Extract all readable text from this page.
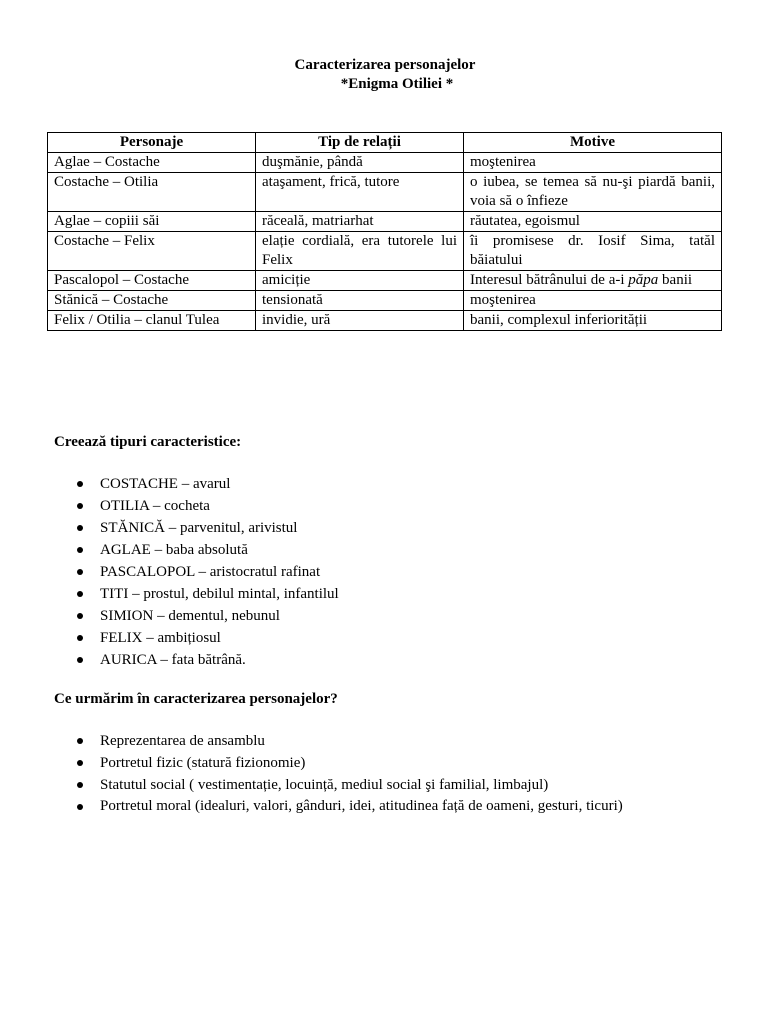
Caracterizarea personajelor
*Enigma Otiliei *
Personaje	Tip de relații	Motive
Aglae – Costache	duşmănie, pândă	moştenirea
Costache – Otilia	ataşament, frică, tutore	o iubea, se temea să nu-şi piardă banii, voia să o înfieze
Aglae – copiii săi	răceală, matriarhat	răutatea, egoismul
Costache – Felix	elație cordială, era tutorele lui Felix	îi promisese dr. Iosif Sima, tatăl băiatului
Pascalopol – Costache	amiciție	Interesul bătrânului de a-i păpa banii
Stănică – Costache	tensionată	moştenirea
Felix / Otilia – clanul Tulea	invidie, ură	banii, complexul inferiorității
Creează tipuri caracteristice:
COSTACHE – avarul
OTILIA – cocheta
STĂNICĂ – parvenitul, arivistul
AGLAE – baba absolută
PASCALOPOL – aristocratul rafinat
TITI – prostul, debilul mintal, infantilul
SIMION – dementul, nebunul
FELIX – ambițiosul
AURICA – fata bătrână.
Ce urmărim în caracterizarea personajelor?
Reprezentarea de ansamblu
Portretul fizic (statură fizionomie)
Statutul social ( vestimentație, locuință, mediul social şi familial, limbajul)
Portretul moral (idealuri, valori, gânduri, idei, atitudinea față de oameni, gesturi, ticuri)
